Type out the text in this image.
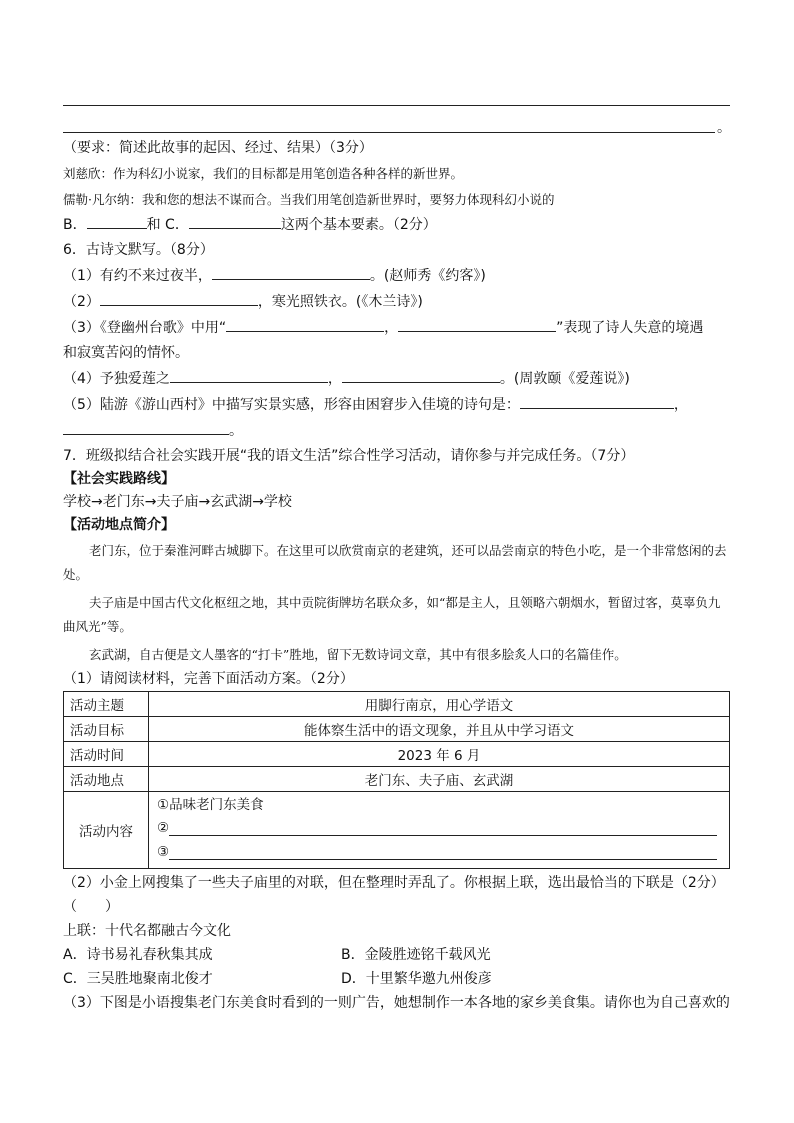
。
（要求：简述此故事的起因、经过、结果）（3分）
刘慈欣：作为科幻小说家，我们的目标都是用笔创造各种各样的新世界。
儒勒·凡尔纳：我和您的想法不谋而合。当我们用笔创造新世界时，要努力体现科幻小说的
B．	和 C．	这两个基本要素。（2分）
6．古诗文默写。（8分）
（1）有约不来过夜半，	。(赵师秀《约客》)
（2）	，寒光照铁衣。(《木兰诗》)
（3）《登幽州台歌》中用“	，	”表现了诗人失意的境遇
和寂寞苦闷的情怀。
（4）予独爱莲之	，	。(周敦颐《爱莲说》)
（5）陆游《游山西村》中描写实景实感，形容由困窘步入佳境的诗句是：	，
。
7．班级拟结合社会实践开展“我的语文生活”综合性学习活动，请你参与并完成任务。（7分）
【社会实践路线】
学校→老门东→夫子庙→玄武湖→学校
【活动地点简介】
老门东，位于秦淮河畔古城脚下。在这里可以欣赏南京的老建筑，还可以品尝南京的特色小吃，是一个非常悠闲的去处。
夫子庙是中国古代文化枢纽之地，其中贡院街牌坊名联众多，如“都是主人，且领略六朝烟水，暂留过客，莫辜负九曲风光”等。
玄武湖，自古便是文人墨客的“打卡”胜地，留下无数诗词文章，其中有很多脍炙人口的名篇佳作。
（1）请阅读材料，完善下面活动方案。（2分）
活动主题	用脚行南京，用心学语文
活动目标	能体察生活中的语文现象，并且从中学习语文
活动时间	2023 年 6 月
活动地点	老门东、夫子庙、玄武湖
活动内容	①品味老门东美食
②
③
（2）小金上网搜集了一些夫子庙里的对联，但在整理时弄乱了。你根据上联，选出最恰当的下联是（2分）
（　　）
上联：十代名都融古今文化
A．诗书易礼春秋集其成	B．金陵胜迹铭千载风光
C．三吴胜地聚南北俊才	D．十里繁华邀九州俊彦
（3）下图是小语搜集老门东美食时看到的一则广告，她想制作一本各地的家乡美食集。请你也为自己喜欢的
